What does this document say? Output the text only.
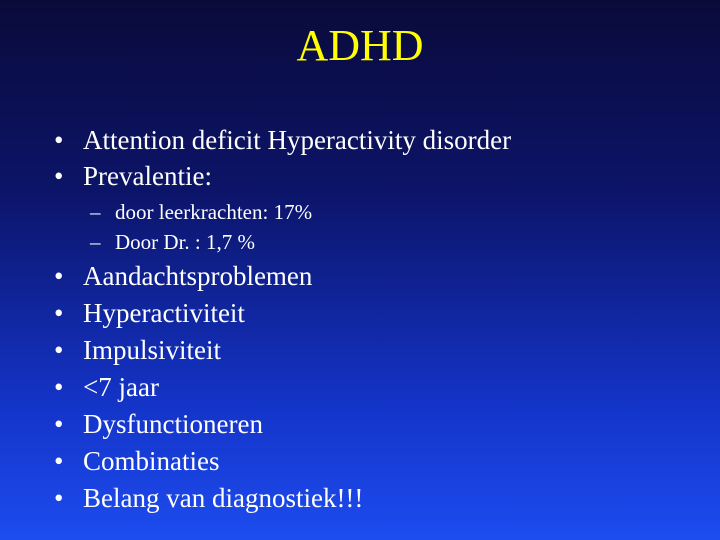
ADHD
• Attention deficit Hyperactivity disorder
• Prevalentie:
– door leerkrachten: 17%
– Door Dr. : 1,7 %
• Aandachtsproblemen
• Hyperactiviteit
• Impulsiviteit
• <7 jaar
• Dysfunctioneren
• Combinaties
• Belang van diagnostiek!!!
